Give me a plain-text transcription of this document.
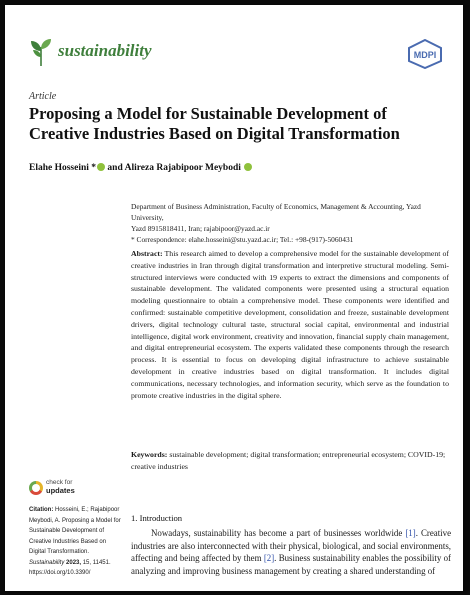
sustainability	MDPI
Article
Proposing a Model for Sustainable Development of Creative Industries Based on Digital Transformation
Elahe Hosseini * and Alireza Rajabipoor Meybodi
Department of Business Administration, Faculty of Economics, Management & Accounting, Yazd University,
Yazd 8915818411, Iran; rajabipoor@yazd.ac.ir
* Correspondence: elahe.hosseini@stu.yazd.ac.ir; Tel.: +98-(917)-5060431
Abstract: This research aimed to develop a comprehensive model for the sustainable development of creative industries in Iran through digital transformation and interpretive structural modeling. Semi-structured interviews were conducted with 19 experts to extract the dimensions and components of sustainable development. The validated components were presented using a structural equation modeling questionnaire to obtain a comprehensive model. These components were identified and confirmed: sustainable competitive development, consolidation and freeze, sustainable development drivers, digital technology cultural taste, structural social capital, environmental and industrial intelligence, digital work environment, creativity and innovation, financial supply chain management, and digital entrepreneurial ecosystem. The experts validated these components through the research process. It is essential to focus on developing digital infrastructure to achieve sustainable development in creative industries based on digital transformation. It includes digital communications, necessary technologies, and information security, which serve as the foundation to promote creative industries in the digital sphere.
Keywords: sustainable development; digital transformation; entrepreneurial ecosystem; COVID-19; creative industries
check for
updates
Citation: Hosseini, E.; Rajabipoor Meybodi, A. Proposing a Model for Sustainable Development of Creative Industries Based on Digital Transformation. Sustainability 2023, 15, 11451. https://doi.org/10.3390/
1. Introduction
Nowadays, sustainability has become a part of businesses worldwide [1]. Creative industries are also interconnected with their physical, biological, and social environments, affecting and being affected by them [2]. Business sustainability enables the possibility of analyzing and improving business management by creating a shared understanding of
